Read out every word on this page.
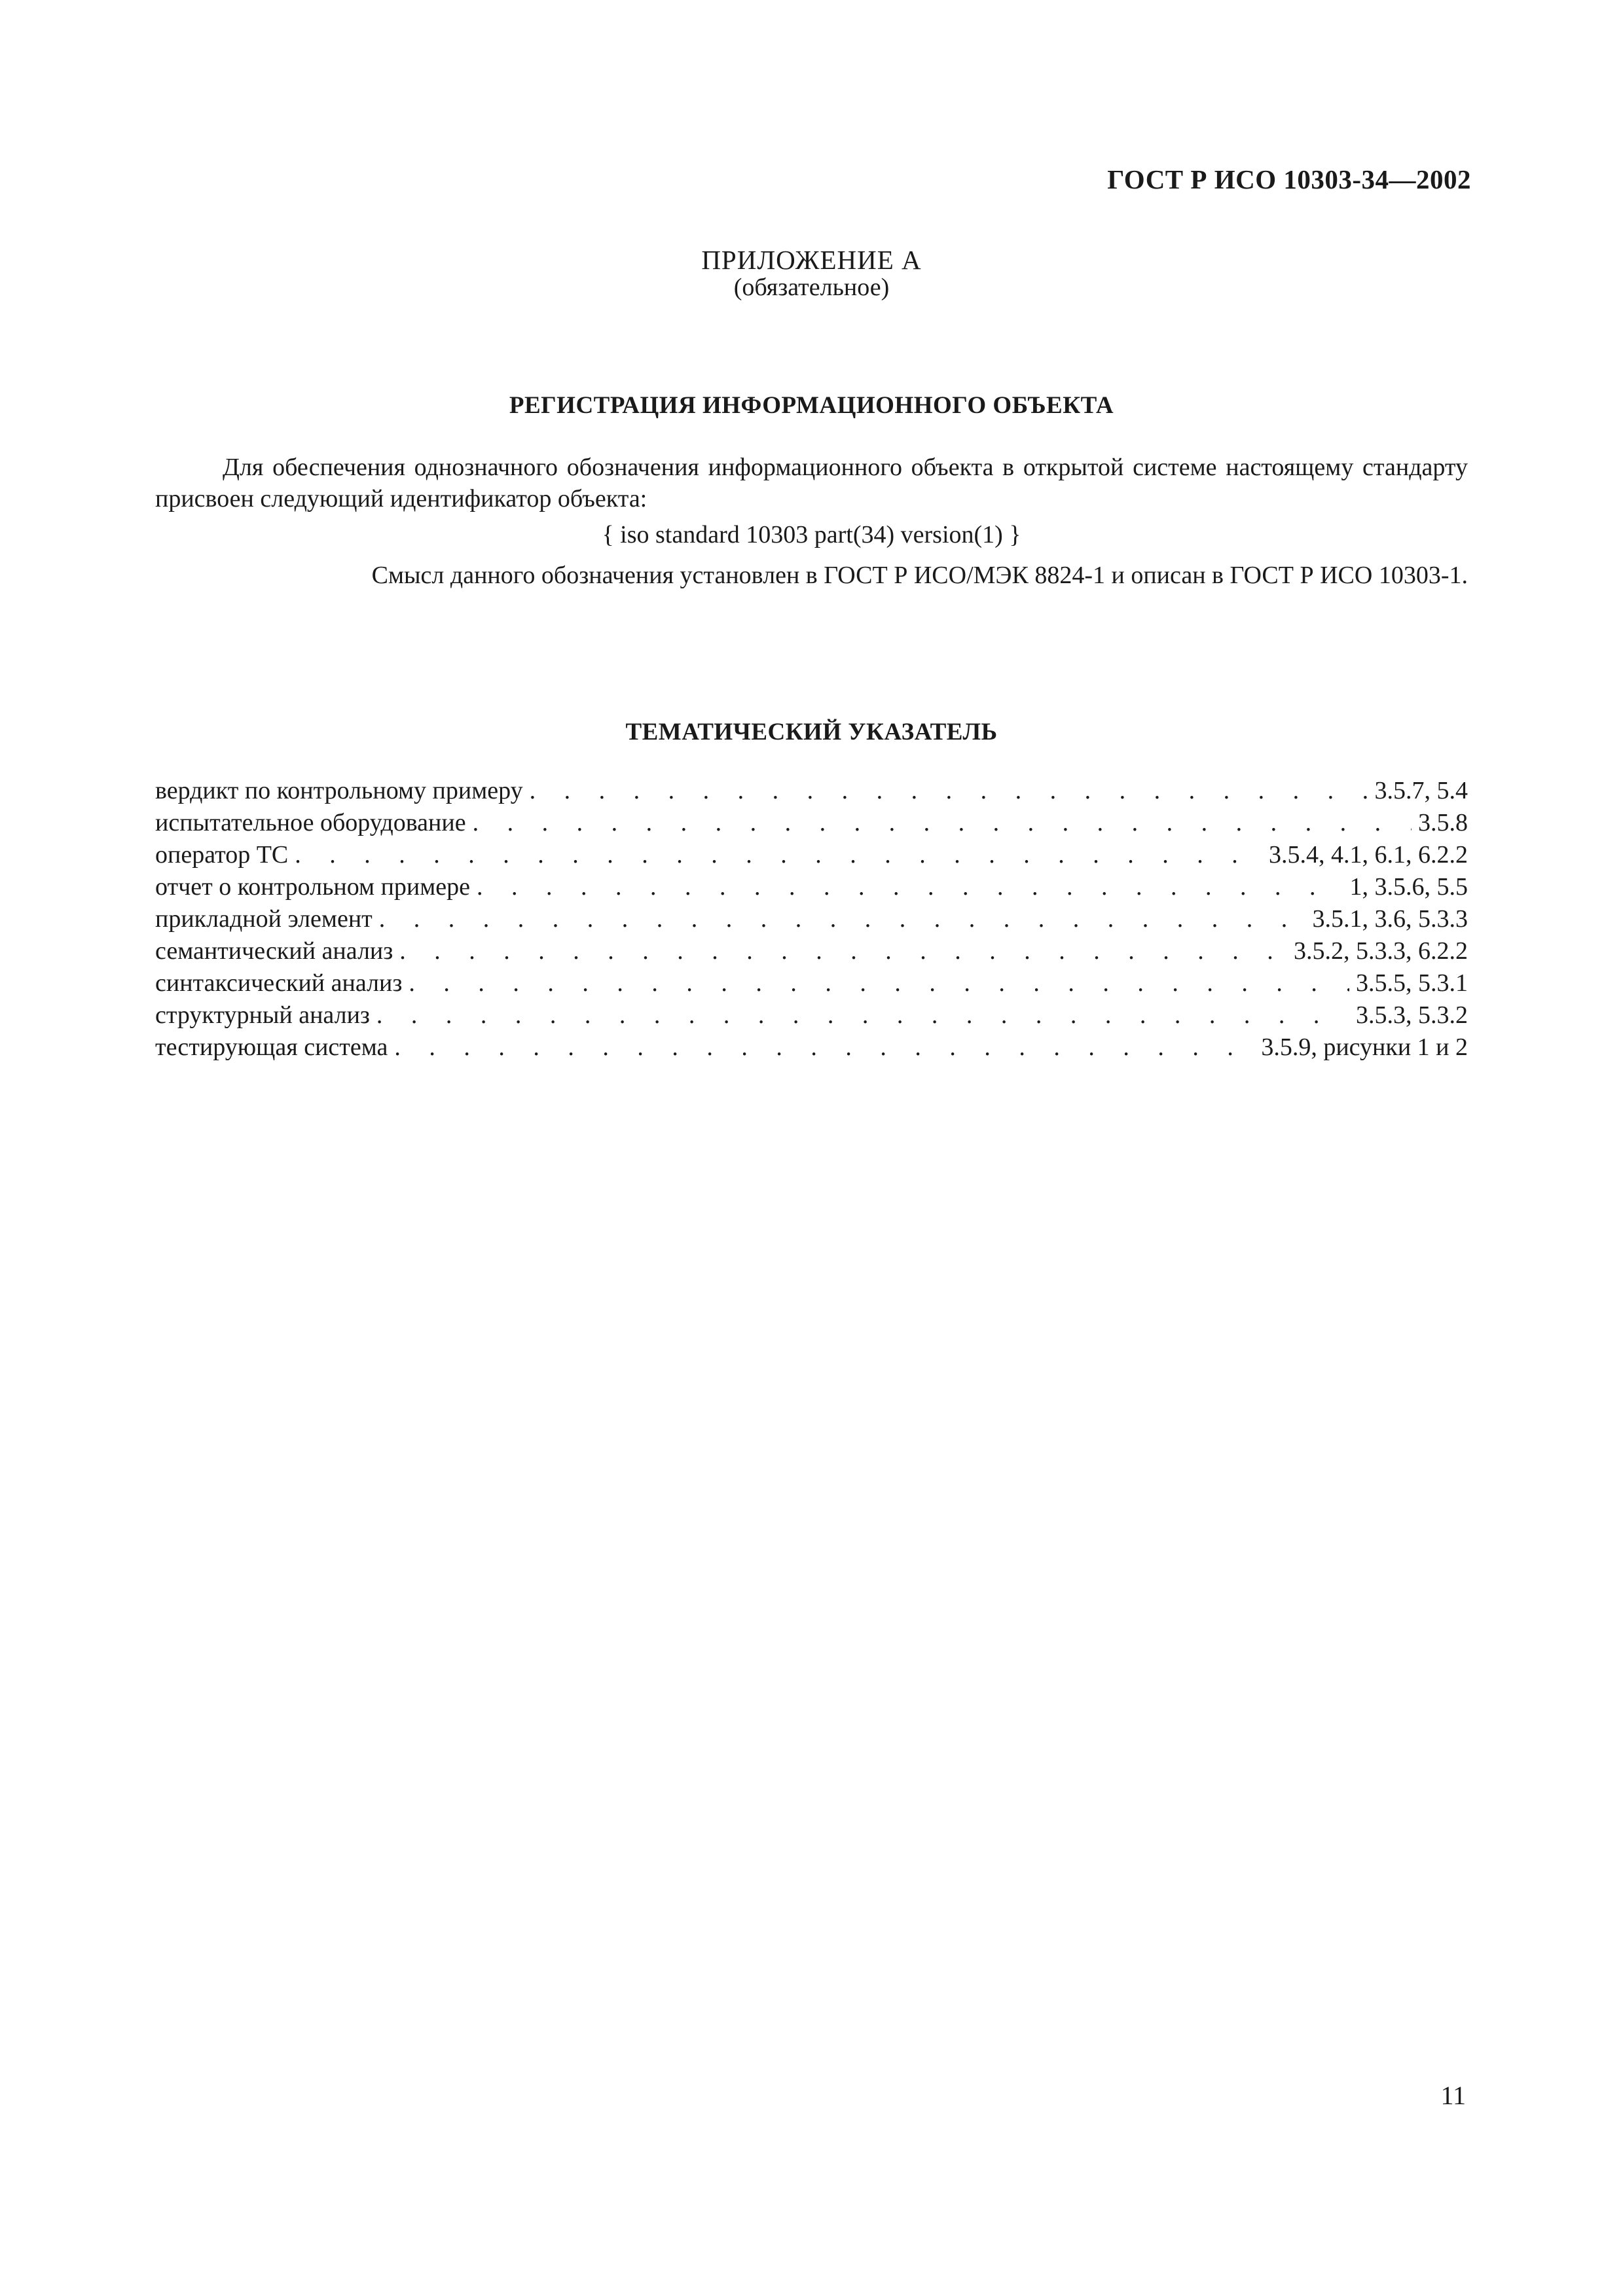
ГОСТ Р ИСО 10303-34—2002
ПРИЛОЖЕНИЕ А
(обязательное)
РЕГИСТРАЦИЯ ИНФОРМАЦИОННОГО ОБЪЕКТА
Для обеспечения однозначного обозначения информационного объекта в открытой системе настоящему стандарту присвоен следующий идентификатор объекта:
{ iso standard 10303 part(34) version(1) }
Смысл данного обозначения установлен в ГОСТ Р ИСО/МЭК 8824-1 и описан в ГОСТ Р ИСО 10303-1.
ТЕМАТИЧЕСКИЙ УКАЗАТЕЛЬ
вердикт по контрольному примеру . . .	3.5.7, 5.4
испытательное оборудование . . .	3.5.8
оператор ТС . . .	3.5.4, 4.1, 6.1, 6.2.2
отчет о контрольном примере . . .	1, 3.5.6, 5.5
прикладной элемент . . .	3.5.1, 3.6, 5.3.3
семантический анализ . . .	3.5.2, 5.3.3, 6.2.2
синтаксический анализ . . .	3.5.5, 5.3.1
структурный анализ . . .	3.5.3, 5.3.2
тестирующая система . . .	3.5.9, рисунки 1 и 2
11
